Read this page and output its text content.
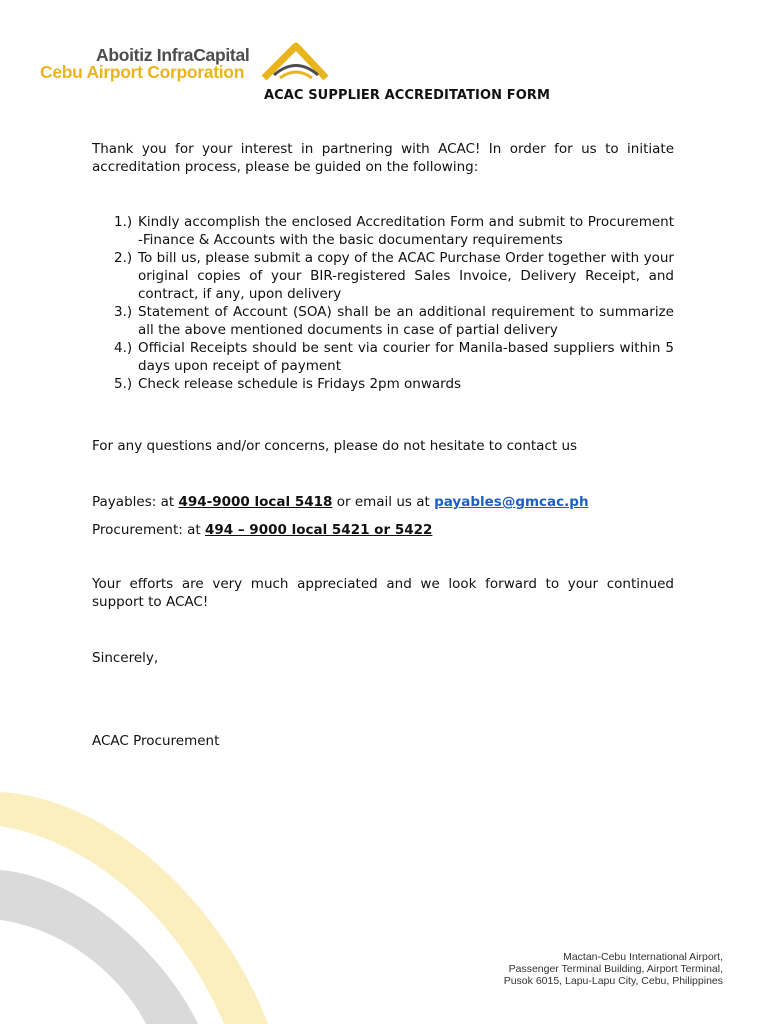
Aboitiz InfraCapital
Cebu Airport Corporation
ACAC SUPPLIER ACCREDITATION FORM
Thank you for your interest in partnering with ACAC! In order for us to initiate accreditation process, please be guided on the following:
1.) Kindly accomplish the enclosed Accreditation Form and submit to Procurement -Finance & Accounts with the basic documentary requirements
2.) To bill us, please submit a copy of the ACAC Purchase Order together with your original copies of your BIR-registered Sales Invoice, Delivery Receipt, and contract, if any, upon delivery
3.) Statement of Account (SOA) shall be an additional requirement to summarize all the above mentioned documents in case of partial delivery
4.) Official Receipts should be sent via courier for Manila-based suppliers within 5 days upon receipt of payment
5.) Check release schedule is Fridays 2pm onwards
For any questions and/or concerns, please do not hesitate to contact us
Payables: at 494-9000 local 5418 or email us at payables@gmcac.ph
Procurement: at 494 – 9000 local 5421 or 5422
Your efforts are very much appreciated and we look forward to your continued support to ACAC!
Sincerely,
ACAC Procurement
Mactan-Cebu International Airport,
Passenger Terminal Building, Airport Terminal,
Pusok 6015, Lapu-Lapu City, Cebu, Philippines
